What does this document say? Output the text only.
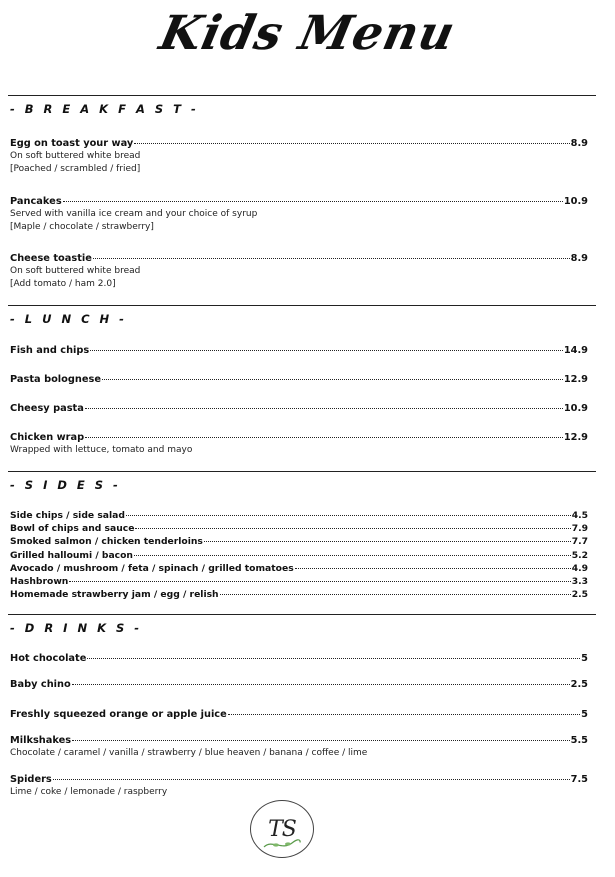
Kids Menu
- B R E A K F A S T -
Egg on toast your way	8.9
On soft buttered white bread
[Poached / scrambled / fried]
Pancakes	10.9
Served with vanilla ice cream and your choice of syrup
[Maple / chocolate / strawberry]
Cheese toastie	8.9
On soft buttered white bread
[Add tomato / ham 2.0]
- L U N C H -
Fish and chips	14.9
Pasta bolognese	12.9
Cheesy pasta	10.9
Chicken wrap	12.9
Wrapped with lettuce, tomato and mayo
- S I D E S -
Side chips / side salad	4.5
Bowl of chips and sauce	7.9
Smoked salmon / chicken tenderloins	7.7
Grilled halloumi / bacon	5.2
Avocado / mushroom / feta / spinach / grilled tomatoes	4.9
Hashbrown	3.3
Homemade strawberry jam / egg / relish	2.5
- D R I N K S -
Hot chocolate	5
Baby chino	2.5
Freshly squeezed orange or apple juice	5
Milkshakes	5.5
Chocolate / caramel / vanilla / strawberry / blue heaven / banana / coffee / lime
Spiders	7.5
Lime / coke / lemonade / raspberry
TS
